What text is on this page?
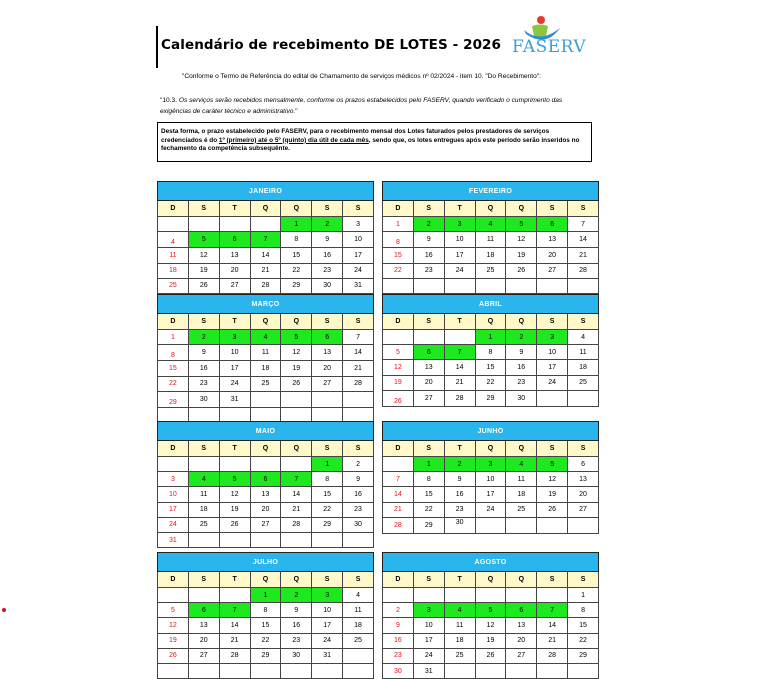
Calendário de recebimento DE LOTES - 2026 FASERV
"Conforme o Termo de Referência do edital de Chamamento de serviços médicos nº 02/2024 - item 10. "Do Recebimento":
"10.3. Os serviços serão recebidos mensalmente, conforme os prazos estabelecidos pelo FASERV, quando verificado o cumprimento das exigências de caráter técnico e administrativo."
Desta forma, o prazo estabelecido pelo FASERV, para o recebimento mensal dos Lotes faturados pelos prestadores de serviços credenciados é do 1º (primeiro) até o 5º (quinto) dia útil de cada mês, sendo que, os lotes entregues após este período serão inseridos no fechamento da competência subsequênte.
JANEIRO						
D	S	T	Q	Q	S	S
				1	2	3
4	5	6	7	8	9	10
11	12	13	14	15	16	17
18	19	20	21	22	23	24
25	26	27	28	29	30	31

FEVEREIRO						
D	S	T	Q	Q	S	S
1	2	3	4	5	6	7
8	9	10	11	12	13	14
15	16	17	18	19	20	21
22	23	24	25	26	27	28

MARÇO						
D	S	T	Q	Q	S	S
1	2	3	4	5	6	7
8	9	10	11	12	13	14
15	16	17	18	19	20	21
22	23	24	25	26	27	28
29	30	31				

ABRIL						
D	S	T	Q	Q	S	S
			1	2	3	4
5	6	7	8	9	10	11
12	13	14	15	16	17	18
19	20	21	22	23	24	25
26	27	28	29	30		
MAIO						
D	S	T	Q	Q	S	S
					1	2
3	4	5	6	7	8	9
10	11	12	13	14	15	16
17	18	19	20	21	22	23
24	25	26	27	28	29	30
31						
JUNHO						
D	S	T	Q	Q	S	S
	1	2	3	4	5	6
7	8	9	10	11	12	13
14	15	16	17	18	19	20
21	22	23	24	25	26	27
28	29	30				
JULHO						
D	S	T	Q	Q	S	S
			1	2	3	4
5	6	7	8	9	10	11
12	13	14	15	16	17	18
19	20	21	22	23	24	25
26	27	28	29	30	31	

AGOSTO						
D	S	T	Q	Q	S	S
						1
2	3	4	5	6	7	8
9	10	11	12	13	14	15
16	17	18	19	20	21	22
23	24	25	26	27	28	29
30	31					
